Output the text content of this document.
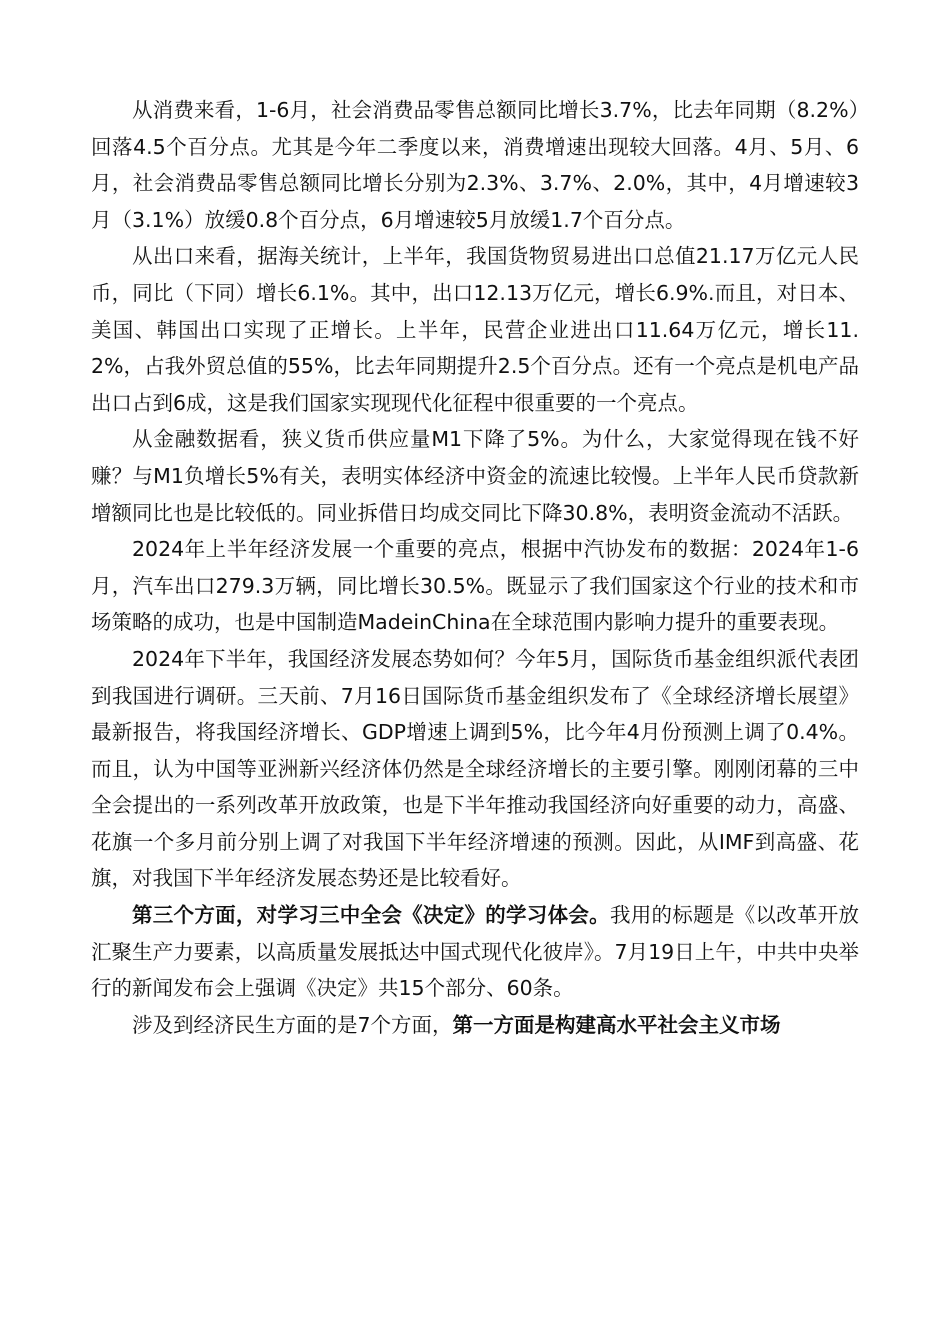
从消费来看，1-6月，社会消费品零售总额同比增长3.7%，比去年同期（8.2%）回落4.5个百分点。尤其是今年二季度以来，消费增速出现较大回落。4月、5月、6月，社会消费品零售总额同比增长分别为2.3%、3.7%、2.0%，其中，4月增速较3月（3.1%）放缓0.8个百分点，6月增速较5月放缓1.7个百分点。

从出口来看，据海关统计，上半年，我国货物贸易进出口总值21.17万亿元人民币，同比（下同）增长6.1%。其中，出口12.13万亿元，增长6.9%.而且，对日本、美国、韩国出口实现了正增长。上半年，民营企业进出口11.64万亿元，增长11.2%，占我外贸总值的55%，比去年同期提升2.5个百分点。还有一个亮点是机电产品出口占到6成，这是我们国家实现现代化征程中很重要的一个亮点。

从金融数据看，狭义货币供应量M1下降了5%。为什么，大家觉得现在钱不好赚？与M1负增长5%有关，表明实体经济中资金的流速比较慢。上半年人民币贷款新增额同比也是比较低的。同业拆借日均成交同比下降30.8%，表明资金流动不活跃。

2024年上半年经济发展一个重要的亮点，根据中汽协发布的数据：2024年1-6月，汽车出口279.3万辆，同比增长30.5%。既显示了我们国家这个行业的技术和市场策略的成功，也是中国制造MadeinChina在全球范围内影响力提升的重要表现。

2024年下半年，我国经济发展态势如何？今年5月，国际货币基金组织派代表团到我国进行调研。三天前、7月16日国际货币基金组织发布了《全球经济增长展望》最新报告，将我国经济增长、GDP增速上调到5%，比今年4月份预测上调了0.4%。而且，认为中国等亚洲新兴经济体仍然是全球经济增长的主要引擎。刚刚闭幕的三中全会提出的一系列改革开放政策，也是下半年推动我国经济向好重要的动力，高盛、花旗一个多月前分别上调了对我国下半年经济增速的预测。因此，从IMF到高盛、花旗，对我国下半年经济发展态势还是比较看好。

第三个方面，对学习三中全会《决定》的学习体会。我用的标题是《以改革开放汇聚生产力要素，以高质量发展抵达中国式现代化彼岸》。7月19日上午，中共中央举行的新闻发布会上强调《决定》共15个部分、60条。

涉及到经济民生方面的是7个方面，第一方面是构建高水平社会主义市场
